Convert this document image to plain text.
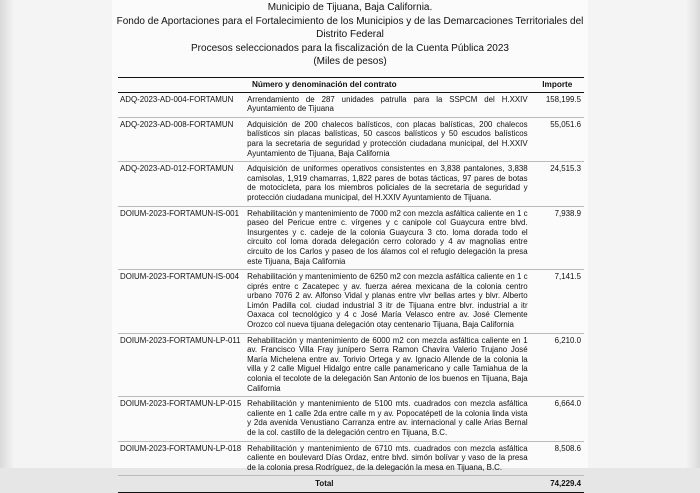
Municipio de Tijuana, Baja California.
Fondo de Aportaciones para el Fortalecimiento de los Municipios y de las Demarcaciones Territoriales del
Distrito Federal
Procesos seleccionados para la fiscalización de la Cuenta Pública 2023
(Miles de pesos)
Número y denominación del contrato		Importe
ADQ-2023-AD-004-FORTAMUN	Arrendamiento de 287 unidades patrulla para la SSPCM del H.XXIV Ayuntamiento de Tijuana	158,199.5
ADQ-2023-AD-008-FORTAMUN	Adquisición de 200 chalecos balísticos, con placas balísticas, 200 chalecos balísticos sin placas balísticas, 50 cascos balísticos y 50 escudos balísticos para la secretaria de seguridad y protección ciudadana municipal, del H.XXIV Ayuntamiento de Tijuana, Baja California	55,051.6
ADQ-2023-AD-012-FORTAMUN	Adquisición de uniformes operativos consistentes en 3,838 pantalones, 3,838 camisolas, 1,919 chamarras, 1,822 pares de botas tácticas, 97 pares de botas de motocicleta, para los miembros policiales de la secretaria de seguridad y protección ciudadana municipal, del H.XXIV Ayuntamiento de Tijuana.	24,515.3
DOIUM-2023-FORTAMUN-IS-001	Rehabilitación y mantenimiento de 7000 m2 con mezcla asfáltica caliente en 1 c paseo del Pericue entre c. vírgenes y c canipole col Guaycura entre blvd. Insurgentes y c. cadeje de la colonia Guaycura 3 cto. loma dorada todo el circuito col loma dorada delegación cerro colorado y 4 av magnolias entre circuito de los Carlos y paseo de los álamos col el refugio delegación la presa este Tijuana, Baja California	7,938.9
DOIUM-2023-FORTAMUN-IS-004	Rehabilitación y mantenimiento de 6250 m2 con mezcla asfáltica caliente en 1 c ciprés entre c Zacatepec y av. fuerza aérea mexicana de la colonia centro urbano 7076 2 av. Alfonso Vidal y planas entre vlvr bellas artes y blvr. Alberto Limón Padilla col. ciudad industrial 3 itr de Tijuana entre blvr. industrial a itr Oaxaca col tecnológico y 4 c José María Velasco entre av. José Clemente Orozco col nueva tijuana delegación otay centenario Tijuana, Baja California	7,141.5
DOIUM-2023-FORTAMUN-LP-011	Rehabilitación y mantenimiento de 6000 m2 con mezcla asfáltica caliente en 1 av. Francisco Villa Fray junípero Serra Ramon Chavira Valerio Trujano José María Michelena entre av. Torivio Ortega y av. Ignacio Allende de la colonia la villa y 2 calle Miguel Hidalgo entre calle panamericano y calle Tamiahua de la colonia el tecolote de la delegación San Antonio de los buenos en Tijuana, Baja California	6,210.0
DOIUM-2023-FORTAMUN-LP-015	Rehabilitación y mantenimiento de 5100 mts. cuadrados con mezcla asfáltica caliente en 1 calle 2da entre calle m y av. Popocatépetl de la colonia linda vista y 2da avenida Venustiano Carranza entre av. internacional y calle Arias Bernal de la col. castillo de la delegación centro en Tijuana, B.C.	6,664.0
DOIUM-2023-FORTAMUN-LP-018	Rehabilitación y mantenimiento de 6710 mts. cuadrados con mezcla asfáltica caliente en boulevard Días Ordaz, entre blvd. simón bolívar y vaso de la presa de la colonia presa Rodríguez, de la delegación la mesa en Tijuana, B.C.	8,508.6
Total		74,229.4
